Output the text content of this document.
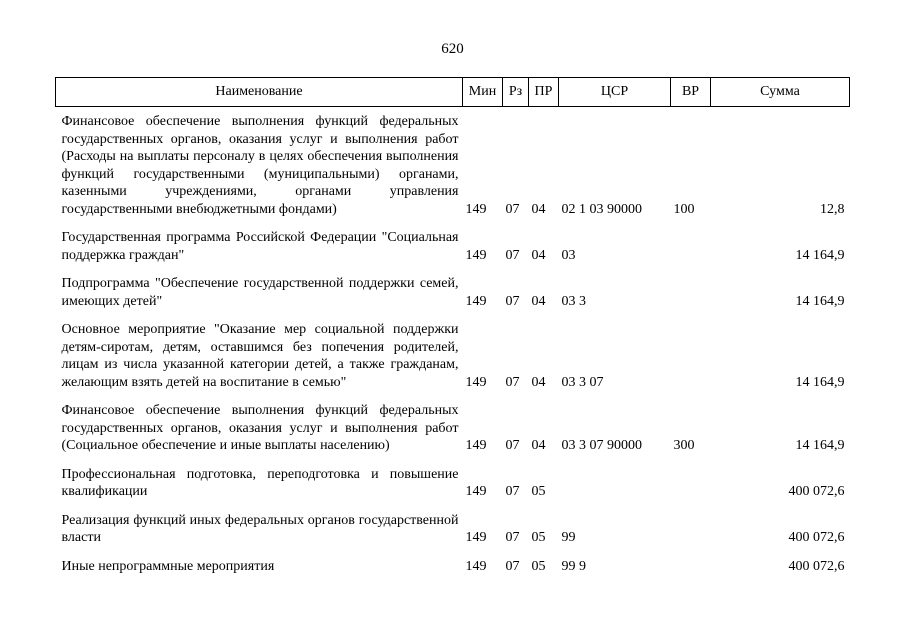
620
Наименование	Мин	Рз	ПР	ЦСР	ВР	Сумма
Финансовое обеспечение выполнения функций федеральных государственных органов, оказания услуг и выполнения работ (Расходы на выплаты персоналу в целях обеспечения выполнения функций государственными (муниципальными) органами, казенными учреждениями, органами управления государственными внебюджетными фондами)	149	07	04	02 1 03 90000	100	12,8
Государственная программа Российской Федерации "Социальная поддержка граждан"	149	07	04	03		14 164,9
Подпрограмма "Обеспечение государственной поддержки семей, имеющих детей"	149	07	04	03 3		14 164,9
Основное мероприятие "Оказание мер социальной поддержки детям-сиротам, детям, оставшимся без попечения родителей, лицам из числа указанной категории детей, а также гражданам, желающим взять детей на воспитание в семью"	149	07	04	03 3 07		14 164,9
Финансовое обеспечение выполнения функций федеральных государственных органов, оказания услуг и выполнения работ (Социальное обеспечение и иные выплаты населению)	149	07	04	03 3 07 90000	300	14 164,9
Профессиональная подготовка, переподготовка и повышение квалификации	149	07	05			400 072,6
Реализация функций иных федеральных органов государственной власти	149	07	05	99		400 072,6
Иные непрограммные мероприятия	149	07	05	99 9		400 072,6
